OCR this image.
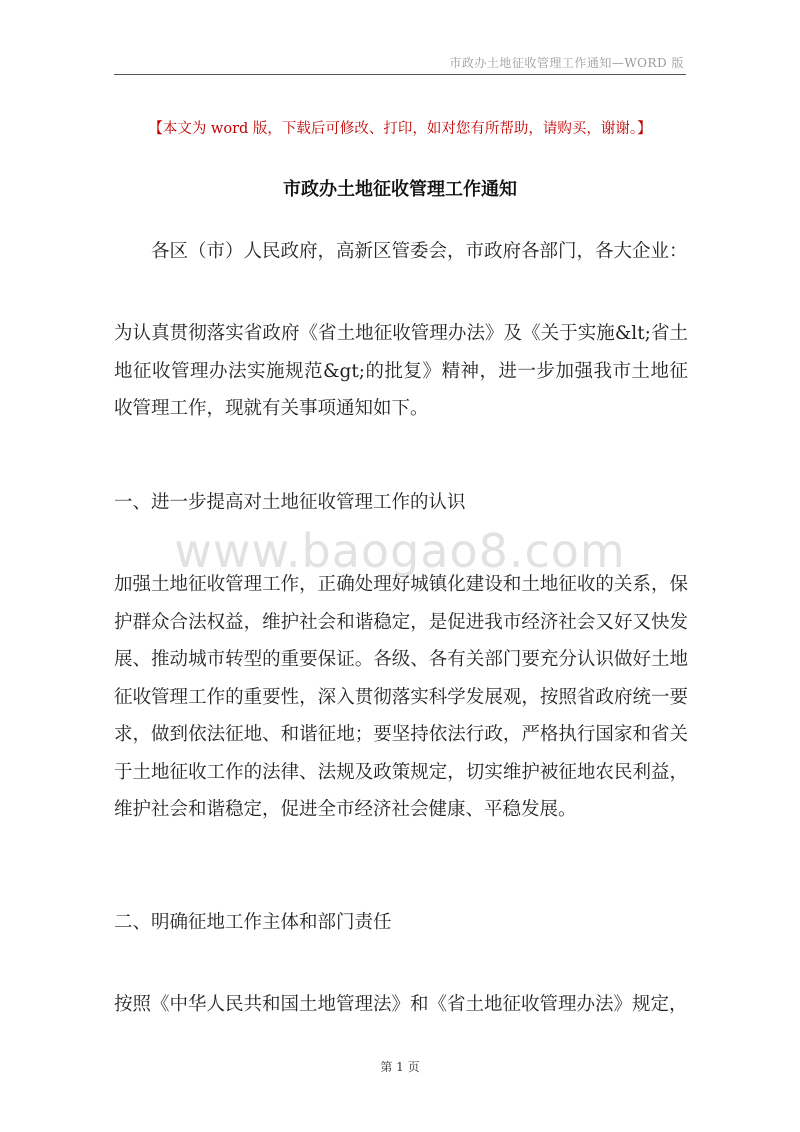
市政办土地征收管理工作通知—WORD 版
【本文为 word 版，下载后可修改、打印，如对您有所帮助，请购买，谢谢。】
市政办土地征收管理工作通知

各区（市）人民政府，高新区管委会，市政府各部门，各大企业：

为认真贯彻落实省政府《省土地征收管理办法》及《关于实施&lt;省土地征收管理办法实施规范&gt;的批复》精神，进一步加强我市土地征收管理工作，现就有关事项通知如下。

一、进一步提高对土地征收管理工作的认识

www.baogao8.com

加强土地征收管理工作，正确处理好城镇化建设和土地征收的关系，保护群众合法权益，维护社会和谐稳定，是促进我市经济社会又好又快发展、推动城市转型的重要保证。各级、各有关部门要充分认识做好土地征收管理工作的重要性，深入贯彻落实科学发展观，按照省政府统一要求，做到依法征地、和谐征地；要坚持依法行政，严格执行国家和省关于土地征收工作的法律、法规及政策规定，切实维护被征地农民利益，维护社会和谐稳定，促进全市经济社会健康、平稳发展。

二、明确征地工作主体和部门责任

按照《中华人民共和国土地管理法》和《省土地征收管理办法》规定，

第 1 页
